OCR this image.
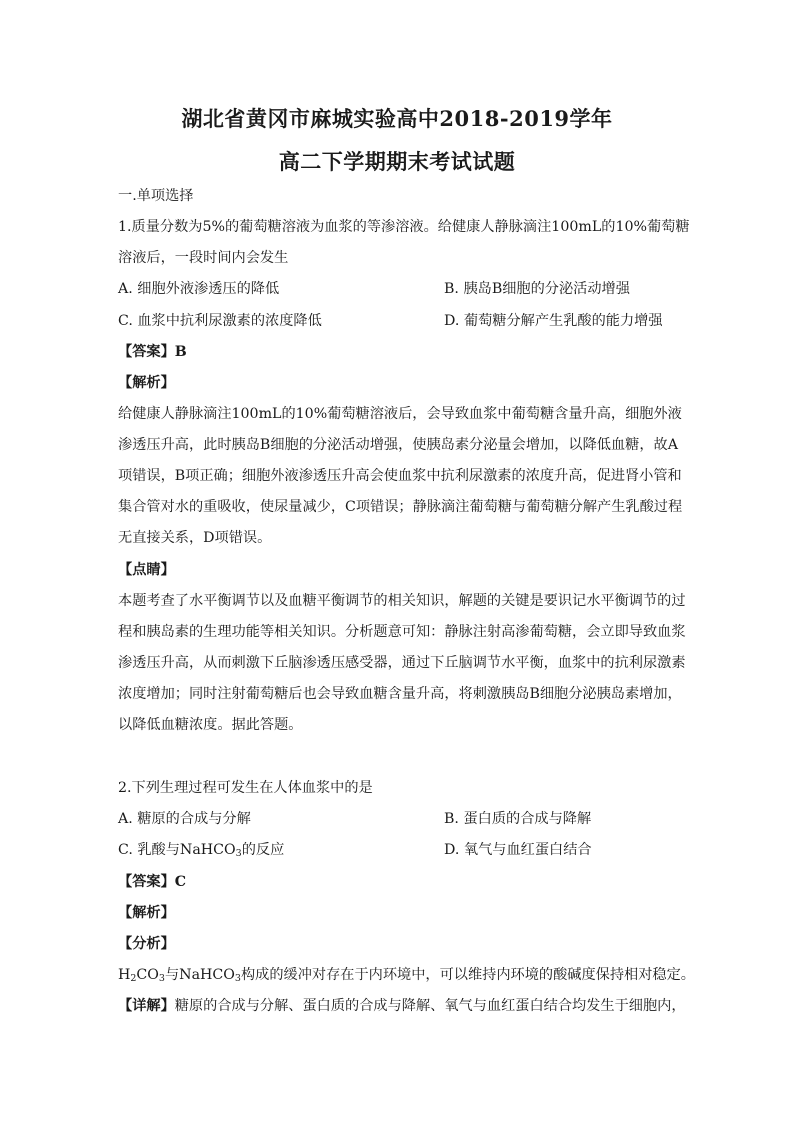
湖北省黄冈市麻城实验高中2018-2019学年
高二下学期期末考试试题
一.单项选择
1.质量分数为5%的葡萄糖溶液为血浆的等渗溶液。给健康人静脉滴注100mL的10%葡萄糖
溶液后，一段时间内会发生
A. 细胞外液渗透压的降低	B. 胰岛B细胞的分泌活动增强
C. 血浆中抗利尿激素的浓度降低	D. 葡萄糖分解产生乳酸的能力增强
【答案】B
【解析】
给健康人静脉滴注100mL的10%葡萄糖溶液后，会导致血浆中葡萄糖含量升高，细胞外液
渗透压升高，此时胰岛B细胞的分泌活动增强，使胰岛素分泌量会增加，以降低血糖，故A
项错误，B项正确；细胞外液渗透压升高会使血浆中抗利尿激素的浓度升高，促进肾小管和
集合管对水的重吸收，使尿量减少，C项错误；静脉滴注葡萄糖与葡萄糖分解产生乳酸过程
无直接关系，D项错误。
【点睛】
本题考查了水平衡调节以及血糖平衡调节的相关知识，解题的关键是要识记水平衡调节的过
程和胰岛素的生理功能等相关知识。分析题意可知：静脉注射高渗葡萄糖，会立即导致血浆
渗透压升高，从而刺激下丘脑渗透压感受器，通过下丘脑调节水平衡，血浆中的抗利尿激素
浓度增加；同时注射葡萄糖后也会导致血糖含量升高，将刺激胰岛B细胞分泌胰岛素增加，
以降低血糖浓度。据此答题。
2.下列生理过程可发生在人体血浆中的是
A. 糖原的合成与分解	B. 蛋白质的合成与降解
C. 乳酸与NaHCO$_3$的反应	D. 氧气与血红蛋白结合
【答案】C
【解析】
【分析】
$H_2CO_3$与NaHCO$_3$构成的缓冲对存在于内环境中，可以维持内环境的酸碱度保持相对稳定。
【详解】糖原的合成与分解、蛋白质的合成与降解、氧气与血红蛋白结合均发生于细胞内，
